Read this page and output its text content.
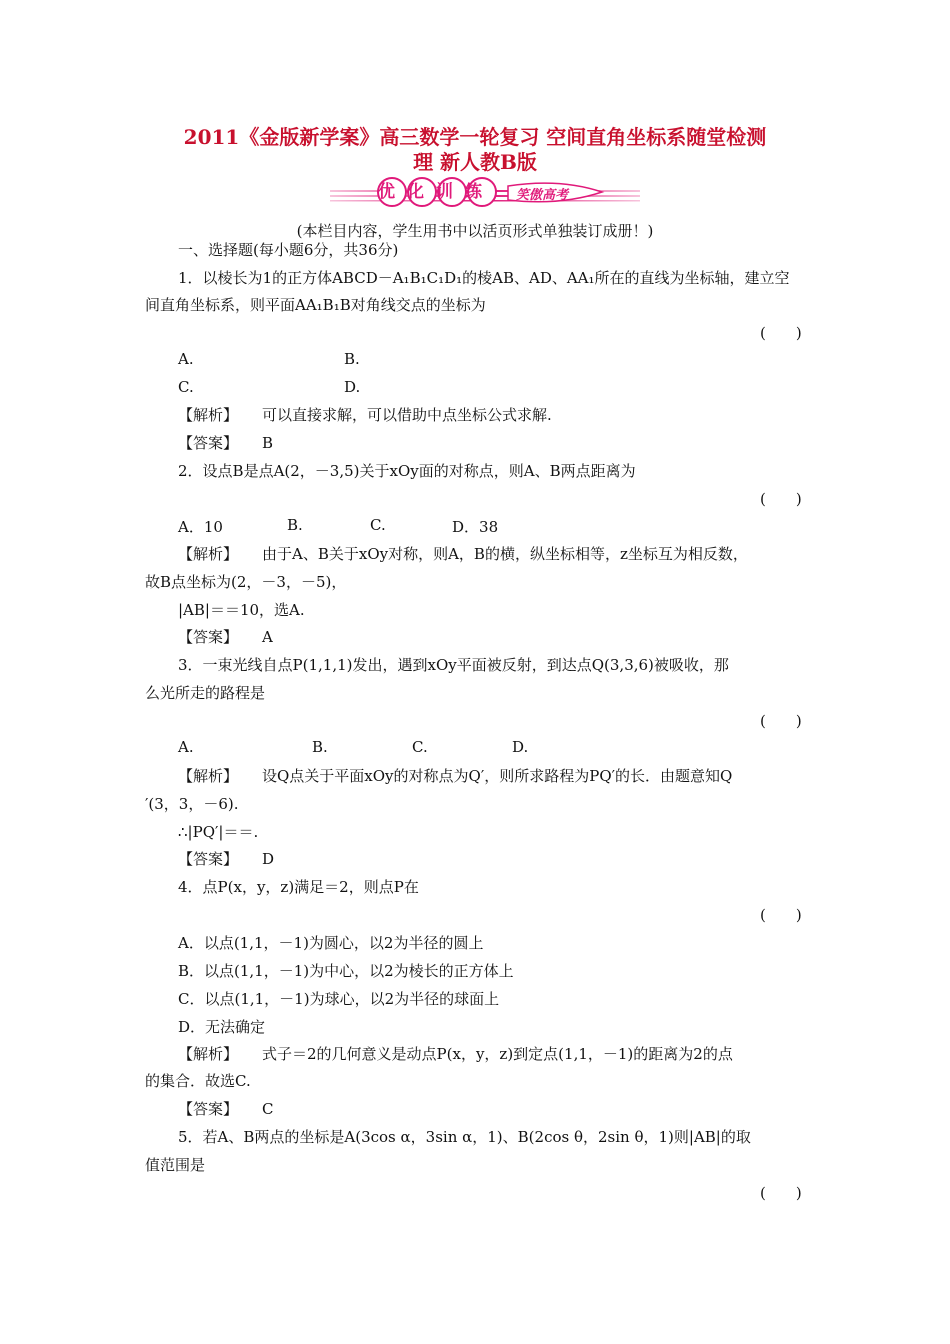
2011《金版新学案》高三数学一轮复习 空间直角坐标系随堂检测
理 新人教B版
优化训练	笑傲高考
(本栏目内容，学生用书中以活页形式单独装订成册！)
一、选择题(每小题6分，共36分)
1．以棱长为1的正方体ABCD－A₁B₁C₁D₁的棱AB、AD、AA₁所在的直线为坐标轴，建立空
间直角坐标系，则平面AA₁B₁B对角线交点的坐标为
(　　)
A.	B.
C.	D.
【解析】 可以直接求解，可以借助中点坐标公式求解.
【答案】 B
2．设点B是点A(2，－3,5)关于xOy面的对称点，则A、B两点距离为
(　　)
A．10	B.	C.	D．38
【解析】 由于A、B关于xOy对称，则A，B的横，纵坐标相等，z坐标互为相反数，
故B点坐标为(2，－3，－5)，
|AB|＝＝10，选A.
【答案】 A
3．一束光线自点P(1,1,1)发出，遇到xOy平面被反射，到达点Q(3,3,6)被吸收，那
么光所走的路程是
(　　)
A.	B.	C.	D.
【解析】 设Q点关于平面xOy的对称点为Q′，则所求路程为PQ′的长．由题意知Q
′(3，3，－6).
∴|PQ′|＝＝.
【答案】 D
4．点P(x，y，z)满足＝2，则点P在
(　　)
A．以点(1,1，－1)为圆心，以2为半径的圆上
B．以点(1,1，－1)为中心，以2为棱长的正方体上
C．以点(1,1，－1)为球心，以2为半径的球面上
D．无法确定
【解析】 式子＝2的几何意义是动点P(x，y，z)到定点(1,1，－1)的距离为2的点
的集合．故选C.
【答案】 C
5．若A、B两点的坐标是A(3cos α，3sin α，1)、B(2cos θ，2sin θ，1)则|AB|的取
值范围是
(　　)
